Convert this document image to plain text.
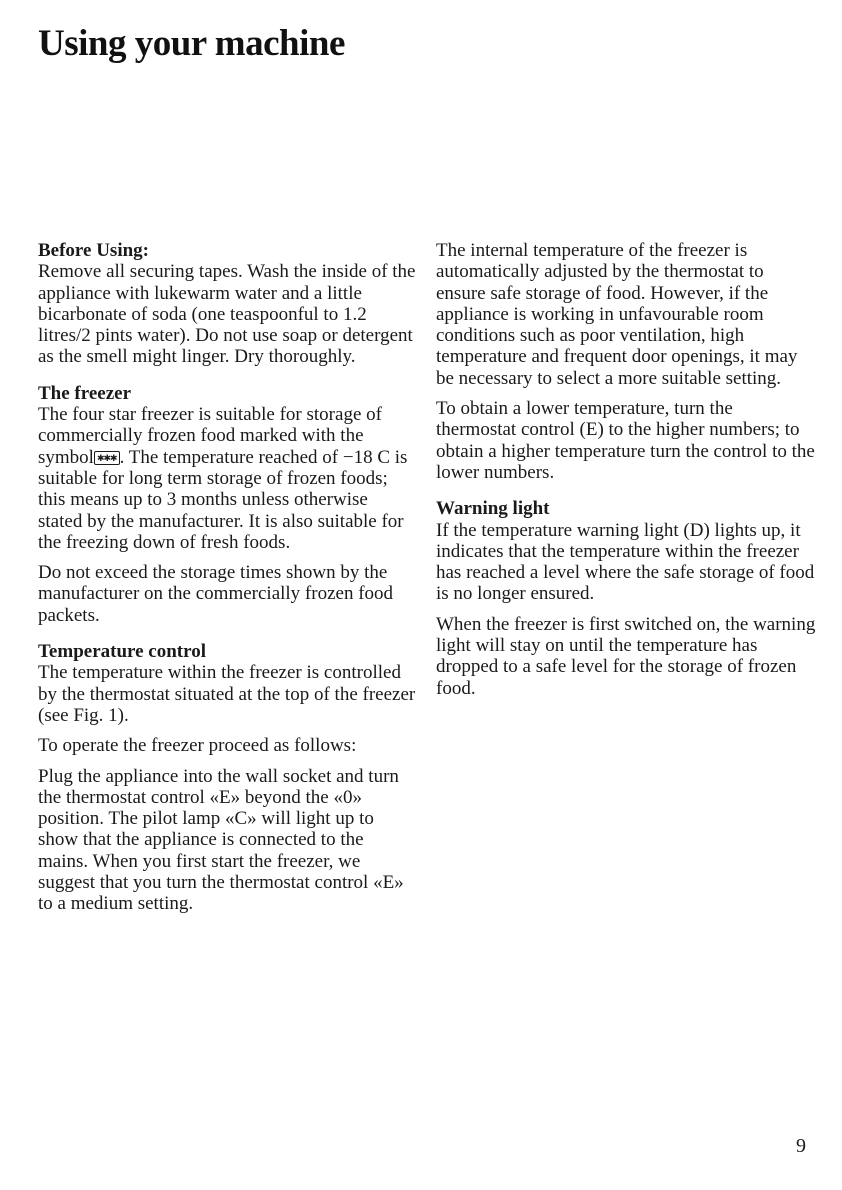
Using your machine

Before Using:
Remove all securing tapes. Wash the inside of the appliance with lukewarm water and a little bicarbonate of soda (one teaspoonful to 1.2 litres/2 pints water). Do not use soap or detergent as the smell might linger. Dry thoroughly.

The freezer
The four star freezer is suitable for storage of commercially frozen food marked with the symbol ✱✱✱ . The temperature reached of −18 C is suitable for long term storage of frozen foods; this means up to 3 months unless otherwise stated by the manufacturer. It is also suitable for the freezing down of fresh foods.

Do not exceed the storage times shown by the manufacturer on the commercially frozen food packets.

Temperature control
The temperature within the freezer is controlled by the thermostat situated at the top of the freezer (see Fig. 1).

To operate the freezer proceed as follows:

Plug the appliance into the wall socket and turn the thermostat control «E» beyond the «0» position. The pilot lamp «C» will light up to show that the appliance is connected to the mains. When you first start the freezer, we suggest that you turn the thermostat control «E» to a medium setting.

The internal temperature of the freezer is automatically adjusted by the thermostat to ensure safe storage of food. However, if the appliance is working in unfavourable room conditions such as poor ventilation, high temperature and frequent door openings, it may be necessary to select a more suitable setting.

To obtain a lower temperature, turn the thermostat control (E) to the higher numbers; to obtain a higher temperature turn the control to the lower numbers.

Warning light
If the temperature warning light (D) lights up, it indicates that the temperature within the freezer has reached a level where the safe storage of food is no longer ensured.

When the freezer is first switched on, the warning light will stay on until the temperature has dropped to a safe level for the storage of frozen food.

9
